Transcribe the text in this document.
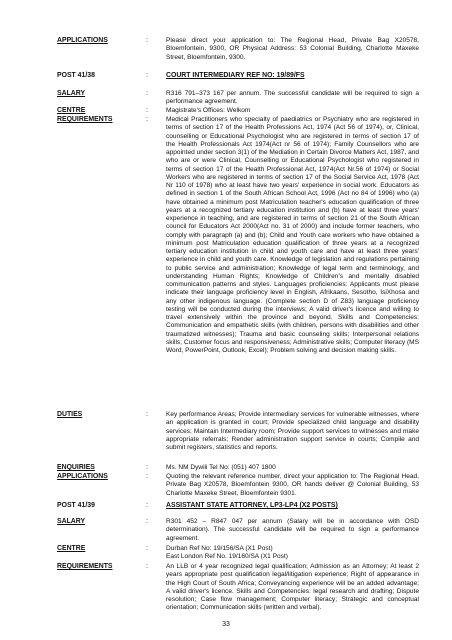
APPLICATIONS	:	Please direct your application to: The Regional Head, Private Bag X20578, Bloemfontein, 9300, OR Physical Address: 53 Colonial Building, Charlotte Maxeke Street, Bloemfontein, 9300.
POST 41/38	:	COURT INTERMEDIARY REF NO: 19/89/FS
SALARY	:	R316 791–373 167 per annum. The successful candidate will be required to sign a performance agreement.
CENTRE	:	Magistrate's Offices: Welkom
REQUIREMENTS	:	Medical Practitioners who specialty of paediatrics or Psychiatry who are registered in terms of section 17 of the Health Professions Act, 1974 (Act 56 of 1974), or, Clinical, counselling or Educational Psychologist who are registered in terms of section 17 of the Health Professionals Act 1974(Act nr 56 of 1974); Family Counsellors who are appointed under section 3(1) of the Mediation in Certain Divorce Matters Act, 1987, and who are or were Clinical, Counselling or Educational Psychologist who registered in terms of section 17 of the Health Professional Act, 1974(Act Nr.56 of 1974) or Social Workers who are registered in terms of section 17 of the Social Service Act, 1978 (Act Nr 110 of 1978) who at least have two years' experience in social work. Educators as defined in section 1 of the South African School Act, 1996 (Act no 84 of 1996) who (a) have obtained a minimum post Matriculation teacher's education qualification of three years at a recognized tertiary education institution and (b) have at least three years' experience in teaching, and are registered in terms of section 21 of the South African council for Educators Act 2000(Act no. 31 of 2000) and include former teachers, who comply with paragraph (a) and (b); Child and Youth care workers who have obtained a minimum post Matriculation education qualification of three years at a recognized tertiary education institution in child and youth care and have at least three years' experience in child and youth care. Knowledge of legislation and regulations pertaining to public service and administration; Knowledge of legal term and terminology, and understanding Human Rights; Knowledge of Children's and mentally disabled communication patterns and styles. Languages proficiencies: Applicants must please indicate their language proficiency level in English, Afrikaans, Sesotho, IsiXhosa and any other indigenous language. (Complete section D of Z83) language proficiency testing will be conducted during the interviews; A valid driver's licence and willing to travel extensively within the province and beyond. Skills and Competencies: Communication and empathetic skills (with children, persons with disabilities and other traumatized witnesses); Trauma and basic counseling skills; Interpersonal relations skills; Customer focus and responsiveness; Administrative skills; Computer literacy (MS Word, PowerPoint, Outlook, Excel); Problem solving and decision making skills.
DUTIES	:	Key performance Areas; Provide intermediary services for vulnerable witnesses, where an application is granted in court; Provide specialized child language and disability services; Maintain Intermediary room; Provide support services to witnesses and make appropriate referrals; Render administration support service in courts; Compile and submit registers, statistics and reports.
ENQUIRIES	:	Ms. NM Dywili Tel No: (051) 407 1800
APPLICATIONS	:	Quoting the relevant reference number, direct your application to: The Regional Head, Private Bag X20578, Bloemfontein 9300, OR hands deliver @ Colonial Building, 53 Charlotte Maxeke Street, Bloemfontein 9301.
POST 41/39	:	ASSISTANT STATE ATTORNEY, LP3-LP4 (X2 POSTS)
SALARY	:	R301 452 – R847 047 per annum (Salary will be in accordance with OSD determination). The successful candidate will be required to sign a performance agreement.
CENTRE	:	Durban Ref No: 19/156/SA (X1 Post)
East London Ref No. 19/160/SA (X1 Post)
REQUIREMENTS	:	An LLB or 4 year recognized legal qualification; Admission as an Attorney; At least 2 years appropriate post qualification legal/litigation experience; Right of appearance in the High Court of South Africa; Conveyancing experience will be an added advantage; A valid driver's licence. Skills and Competencies: legal research and drafting; Dispute resolution; Case flow management; Computer literacy; Strategic and conceptual orientation; Communication skills (written and verbal).
33
